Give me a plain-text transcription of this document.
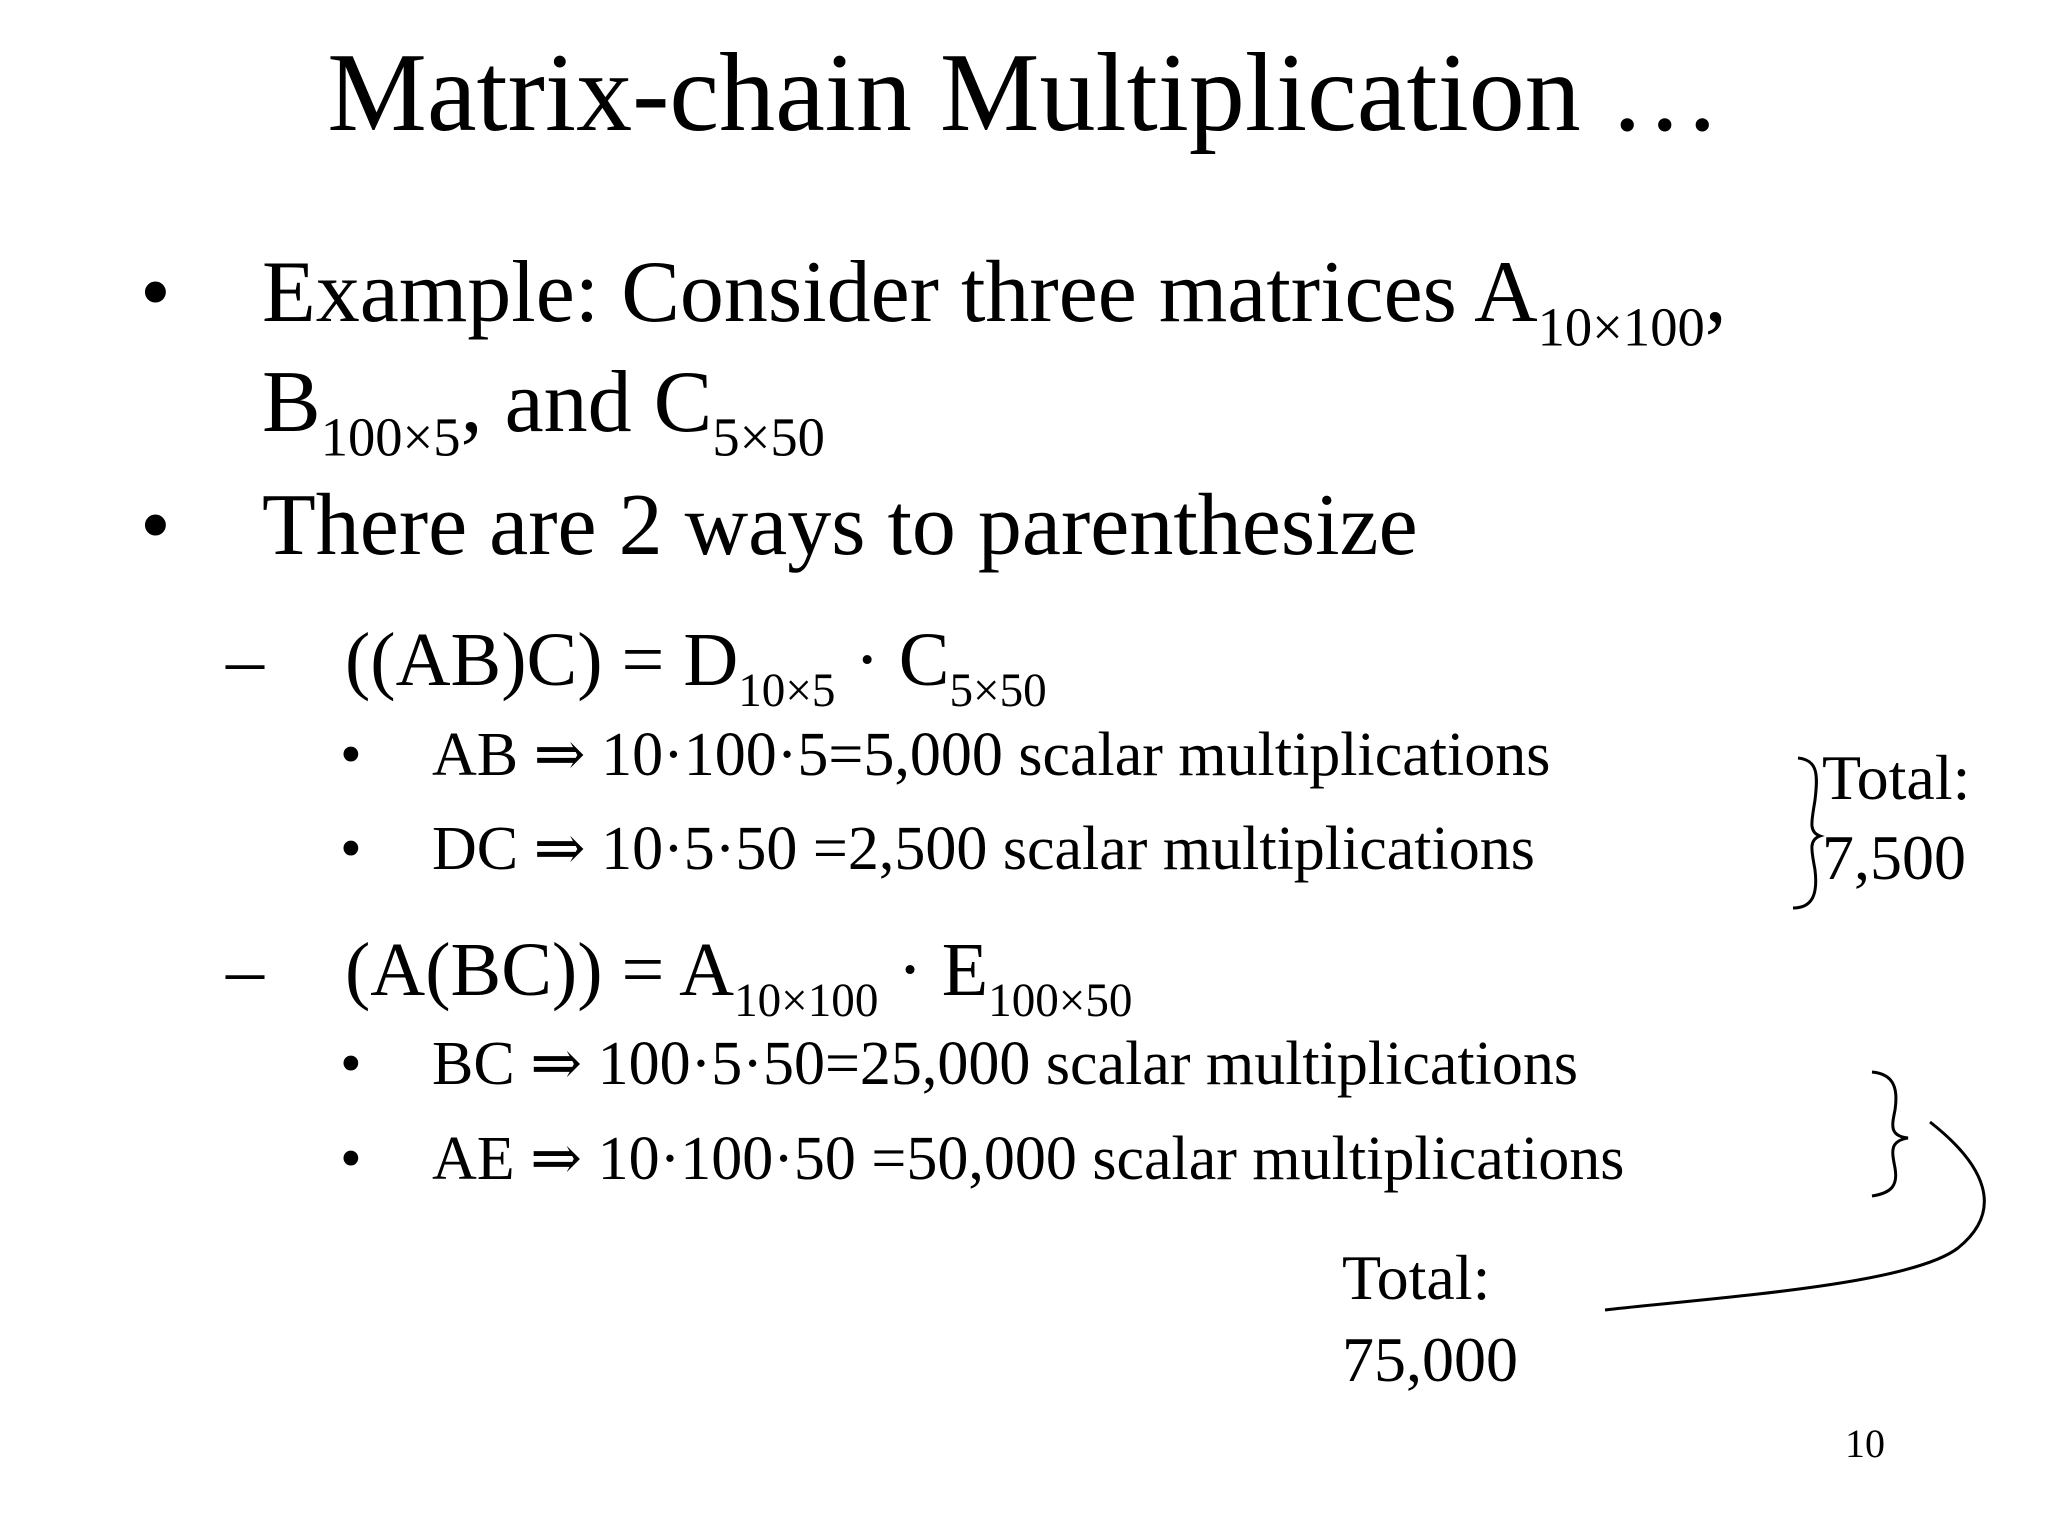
Matrix-chain Multiplication …
• Example: Consider three matrices $A_{10\times 100}$,
$B_{100\times 5}$, and $C_{5\times 50}$
• There are 2 ways to parenthesize
– $((AB)C) = D_{10\times 5} \cdot C_{5\times 50}$
• AB ⇒ 10·100·5=5,000 scalar multiplications
• DC ⇒ 10·5·50 =2,500 scalar multiplications
Total:
7,500
– $(A(BC)) = A_{10\times 100} \cdot E_{100\times 50}$
• BC ⇒ 100·5·50=25,000 scalar multiplications
• AE ⇒ 10·100·50 =50,000 scalar multiplications
Total:
75,000
10
